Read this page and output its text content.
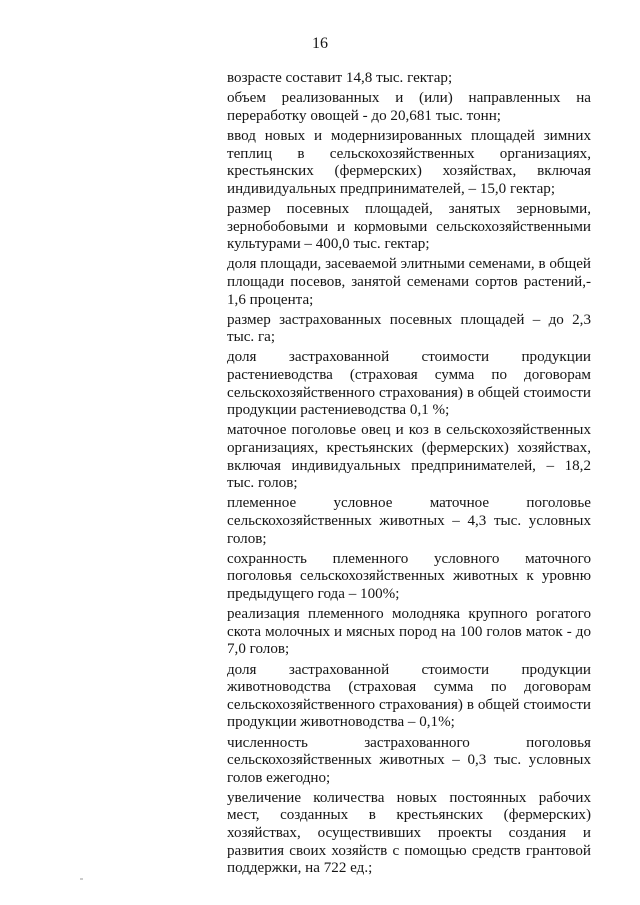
16

возрасте составит 14,8 тыс. гектар;

объем реализованных и (или) направленных на переработку овощей - до 20,681 тыс. тонн;

ввод новых и модернизированных площадей зимних теплиц в сельскохозяйственных организациях, крестьянских (фермерских) хозяйствах, включая индивидуальных предпринимателей, – 15,0 гектар;

размер посевных площадей, занятых зерновыми, зернобобовыми и кормовыми сельскохозяйственными культурами – 400,0 тыс. гектар;

доля площади, засеваемой элитными семенами, в общей площади посевов, занятой семенами сортов растений,- 1,6 процента;

размер застрахованных посевных площадей – до 2,3 тыс. га;

доля застрахованной стоимости продукции растениеводства (страховая сумма по договорам сельскохозяйственного страхования) в общей стоимости продукции растениеводства 0,1 %;

маточное поголовье овец и коз в сельскохозяйственных организациях, крестьянских (фермерских) хозяйствах, включая индивидуальных предпринимателей, – 18,2 тыс. голов;

племенное условное маточное поголовье сельскохозяйственных животных – 4,3 тыс. условных голов;

сохранность племенного условного маточного поголовья сельскохозяйственных животных к уровню предыдущего года – 100%;

реализация племенного молодняка крупного рогатого скота молочных и мясных пород на 100 голов маток - до 7,0 голов;

доля застрахованной стоимости продукции животноводства (страховая сумма по договорам сельскохозяйственного страхования) в общей стоимости продукции животноводства – 0,1%;

численность застрахованного поголовья сельскохозяйственных животных – 0,3 тыс. условных голов ежегодно;

увеличение количества новых постоянных рабочих мест, созданных в крестьянских (фермерских) хозяйствах, осуществивших проекты создания и развития своих хозяйств с помощью средств грантовой поддержки, на 722 ед.;
